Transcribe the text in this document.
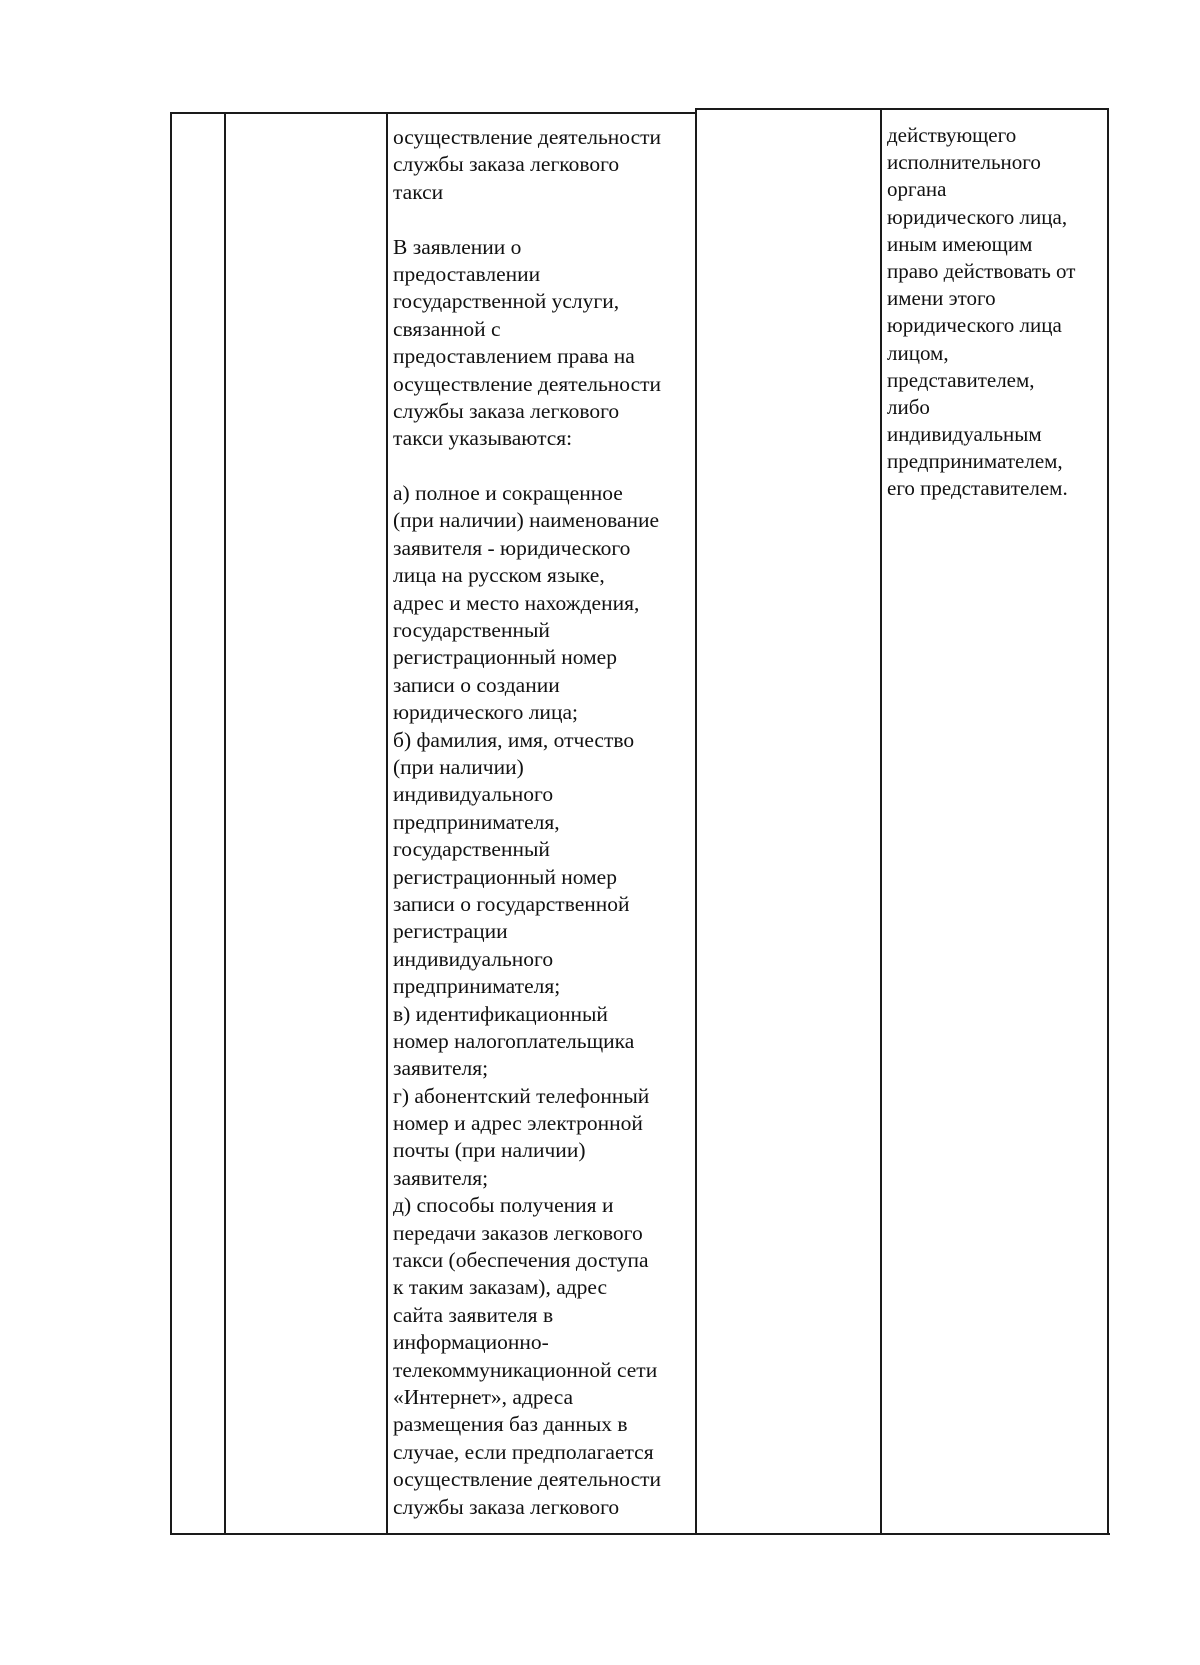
осуществление деятельности
службы заказа легкового
такси
В заявлении о
предоставлении
государственной услуги,
связанной с
предоставлением права на
осуществление деятельности
службы заказа легкового
такси указываются:
а) полное и сокращенное
(при наличии) наименование
заявителя - юридического
лица на русском языке,
адрес и место нахождения,
государственный
регистрационный номер
записи о создании
юридического лица;
б) фамилия, имя, отчество
(при наличии)
индивидуального
предпринимателя,
государственный
регистрационный номер
записи о государственной
регистрации
индивидуального
предпринимателя;
в) идентификационный
номер налогоплательщика
заявителя;
г) абонентский телефонный
номер и адрес электронной
почты (при наличии)
заявителя;
д) способы получения и
передачи заказов легкового
такси (обеспечения доступа
к таким заказам), адрес
сайта заявителя в
информационно-
телекоммуникационной сети
«Интернет», адреса
размещения баз данных в
случае, если предполагается
осуществление деятельности
службы заказа легкового
действующего
исполнительного
органа
юридического лица,
иным имеющим
право действовать от
имени этого
юридического лица
лицом,
представителем,
либо
индивидуальным
предпринимателем,
его представителем.
